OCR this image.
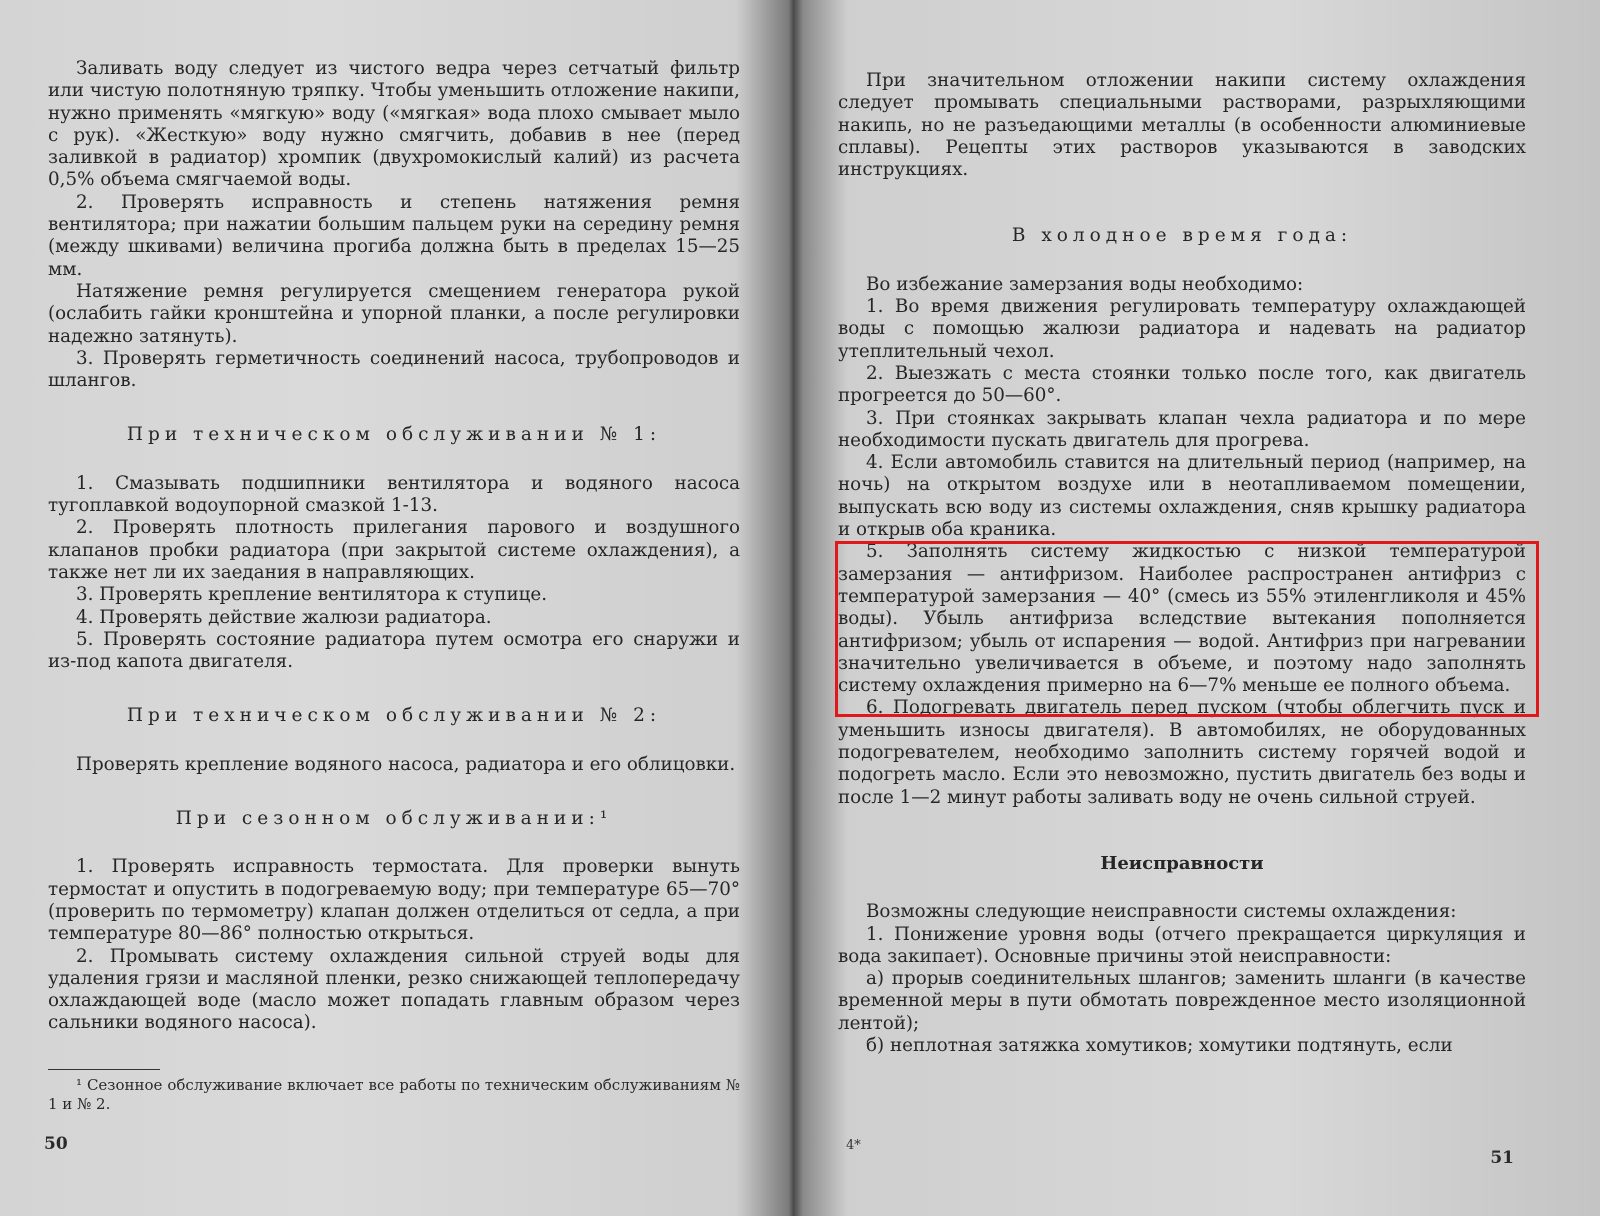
Заливать воду следует из чистого ведра через сетчатый фильтр или чистую полотняную тряпку. Чтобы уменьшить отложение накипи, нужно применять «мягкую» воду («мягкая» вода плохо смывает мыло с рук). «Жесткую» воду нужно смягчить, добавив в нее (перед заливкой в радиатор) хромпик (двухромокислый калий) из расчета 0,5% объема смягчаемой воды.

2. Проверять исправность и степень натяжения ремня вентилятора; при нажатии большим пальцем руки на середину ремня (между шкивами) величина прогиба должна быть в пределах 15—25 мм.

Натяжение ремня регулируется смещением генератора рукой (ослабить гайки кронштейна и упорной планки, а после регулировки надежно затянуть).

3. Проверять герметичность соединений насоса, трубопроводов и шлангов.

При техническом обслуживании № 1:

1. Смазывать подшипники вентилятора и водяного насоса тугоплавкой водоупорной смазкой 1-13.

2. Проверять плотность прилегания парового и воздушного клапанов пробки радиатора (при закрытой системе охлаждения), а также нет ли их заедания в направляющих.

3. Проверять крепление вентилятора к ступице.

4. Проверять действие жалюзи радиатора.

5. Проверять состояние радиатора путем осмотра его снаружи и из-под капота двигателя.

При техническом обслуживании № 2:

Проверять крепление водяного насоса, радиатора и его облицовки.

При сезонном обслуживании:¹

1. Проверять исправность термостата. Для проверки вынуть термостат и опустить в подогреваемую воду; при температуре 65—70° (проверить по термометру) клапан должен отделиться от седла, а при температуре 80—86° полностью открыться.

2. Промывать систему охлаждения сильной струей воды для удаления грязи и масляной пленки, резко снижающей теплопередачу охлаждающей воде (масло может попадать главным образом через сальники водяного насоса).

¹ Сезонное обслуживание включает все работы по техническим обслуживаниям № 1 и № 2.

50

При значительном отложении накипи систему охлаждения следует промывать специальными растворами, разрыхляющими накипь, но не разъедающими металлы (в особенности алюминиевые сплавы). Рецепты этих растворов указываются в заводских инструкциях.

В холодное время года:

Во избежание замерзания воды необходимо:

1. Во время движения регулировать температуру охлаждающей воды с помощью жалюзи радиатора и надевать на радиатор утеплительный чехол.

2. Выезжать с места стоянки только после того, как двигатель прогреется до 50—60°.

3. При стоянках закрывать клапан чехла радиатора и по мере необходимости пускать двигатель для прогрева.

4. Если автомобиль ставится на длительный период (например, на ночь) на открытом воздухе или в неотапливаемом помещении, выпускать всю воду из системы охлаждения, сняв крышку радиатора и открыв оба краника.

5. Заполнять систему жидкостью с низкой температурой замерзания — антифризом. Наиболее распространен антифриз с температурой замерзания — 40° (смесь из 55% этиленгликоля и 45% воды). Убыль антифриза вследствие вытекания пополняется антифризом; убыль от испарения — водой. Антифриз при нагревании значительно увеличивается в объеме, и поэтому надо заполнять систему охлаждения примерно на 6—7% меньше ее полного объема.

6. Подогревать двигатель перед пуском (чтобы облегчить пуск и уменьшить износы двигателя). В автомобилях, не оборудованных подогревателем, необходимо заполнить систему горячей водой и подогреть масло. Если это невозможно, пустить двигатель без воды и после 1—2 минут работы заливать воду не очень сильной струей.

Неисправности

Возможны следующие неисправности системы охлаждения:

1. Понижение уровня воды (отчего прекращается циркуляция и вода закипает). Основные причины этой неисправности:

а) прорыв соединительных шлангов; заменить шланги (в качестве временной меры в пути обмотать поврежденное место изоляционной лентой);

б) неплотная затяжка хомутиков; хомутики подтянуть, если

4*
51
